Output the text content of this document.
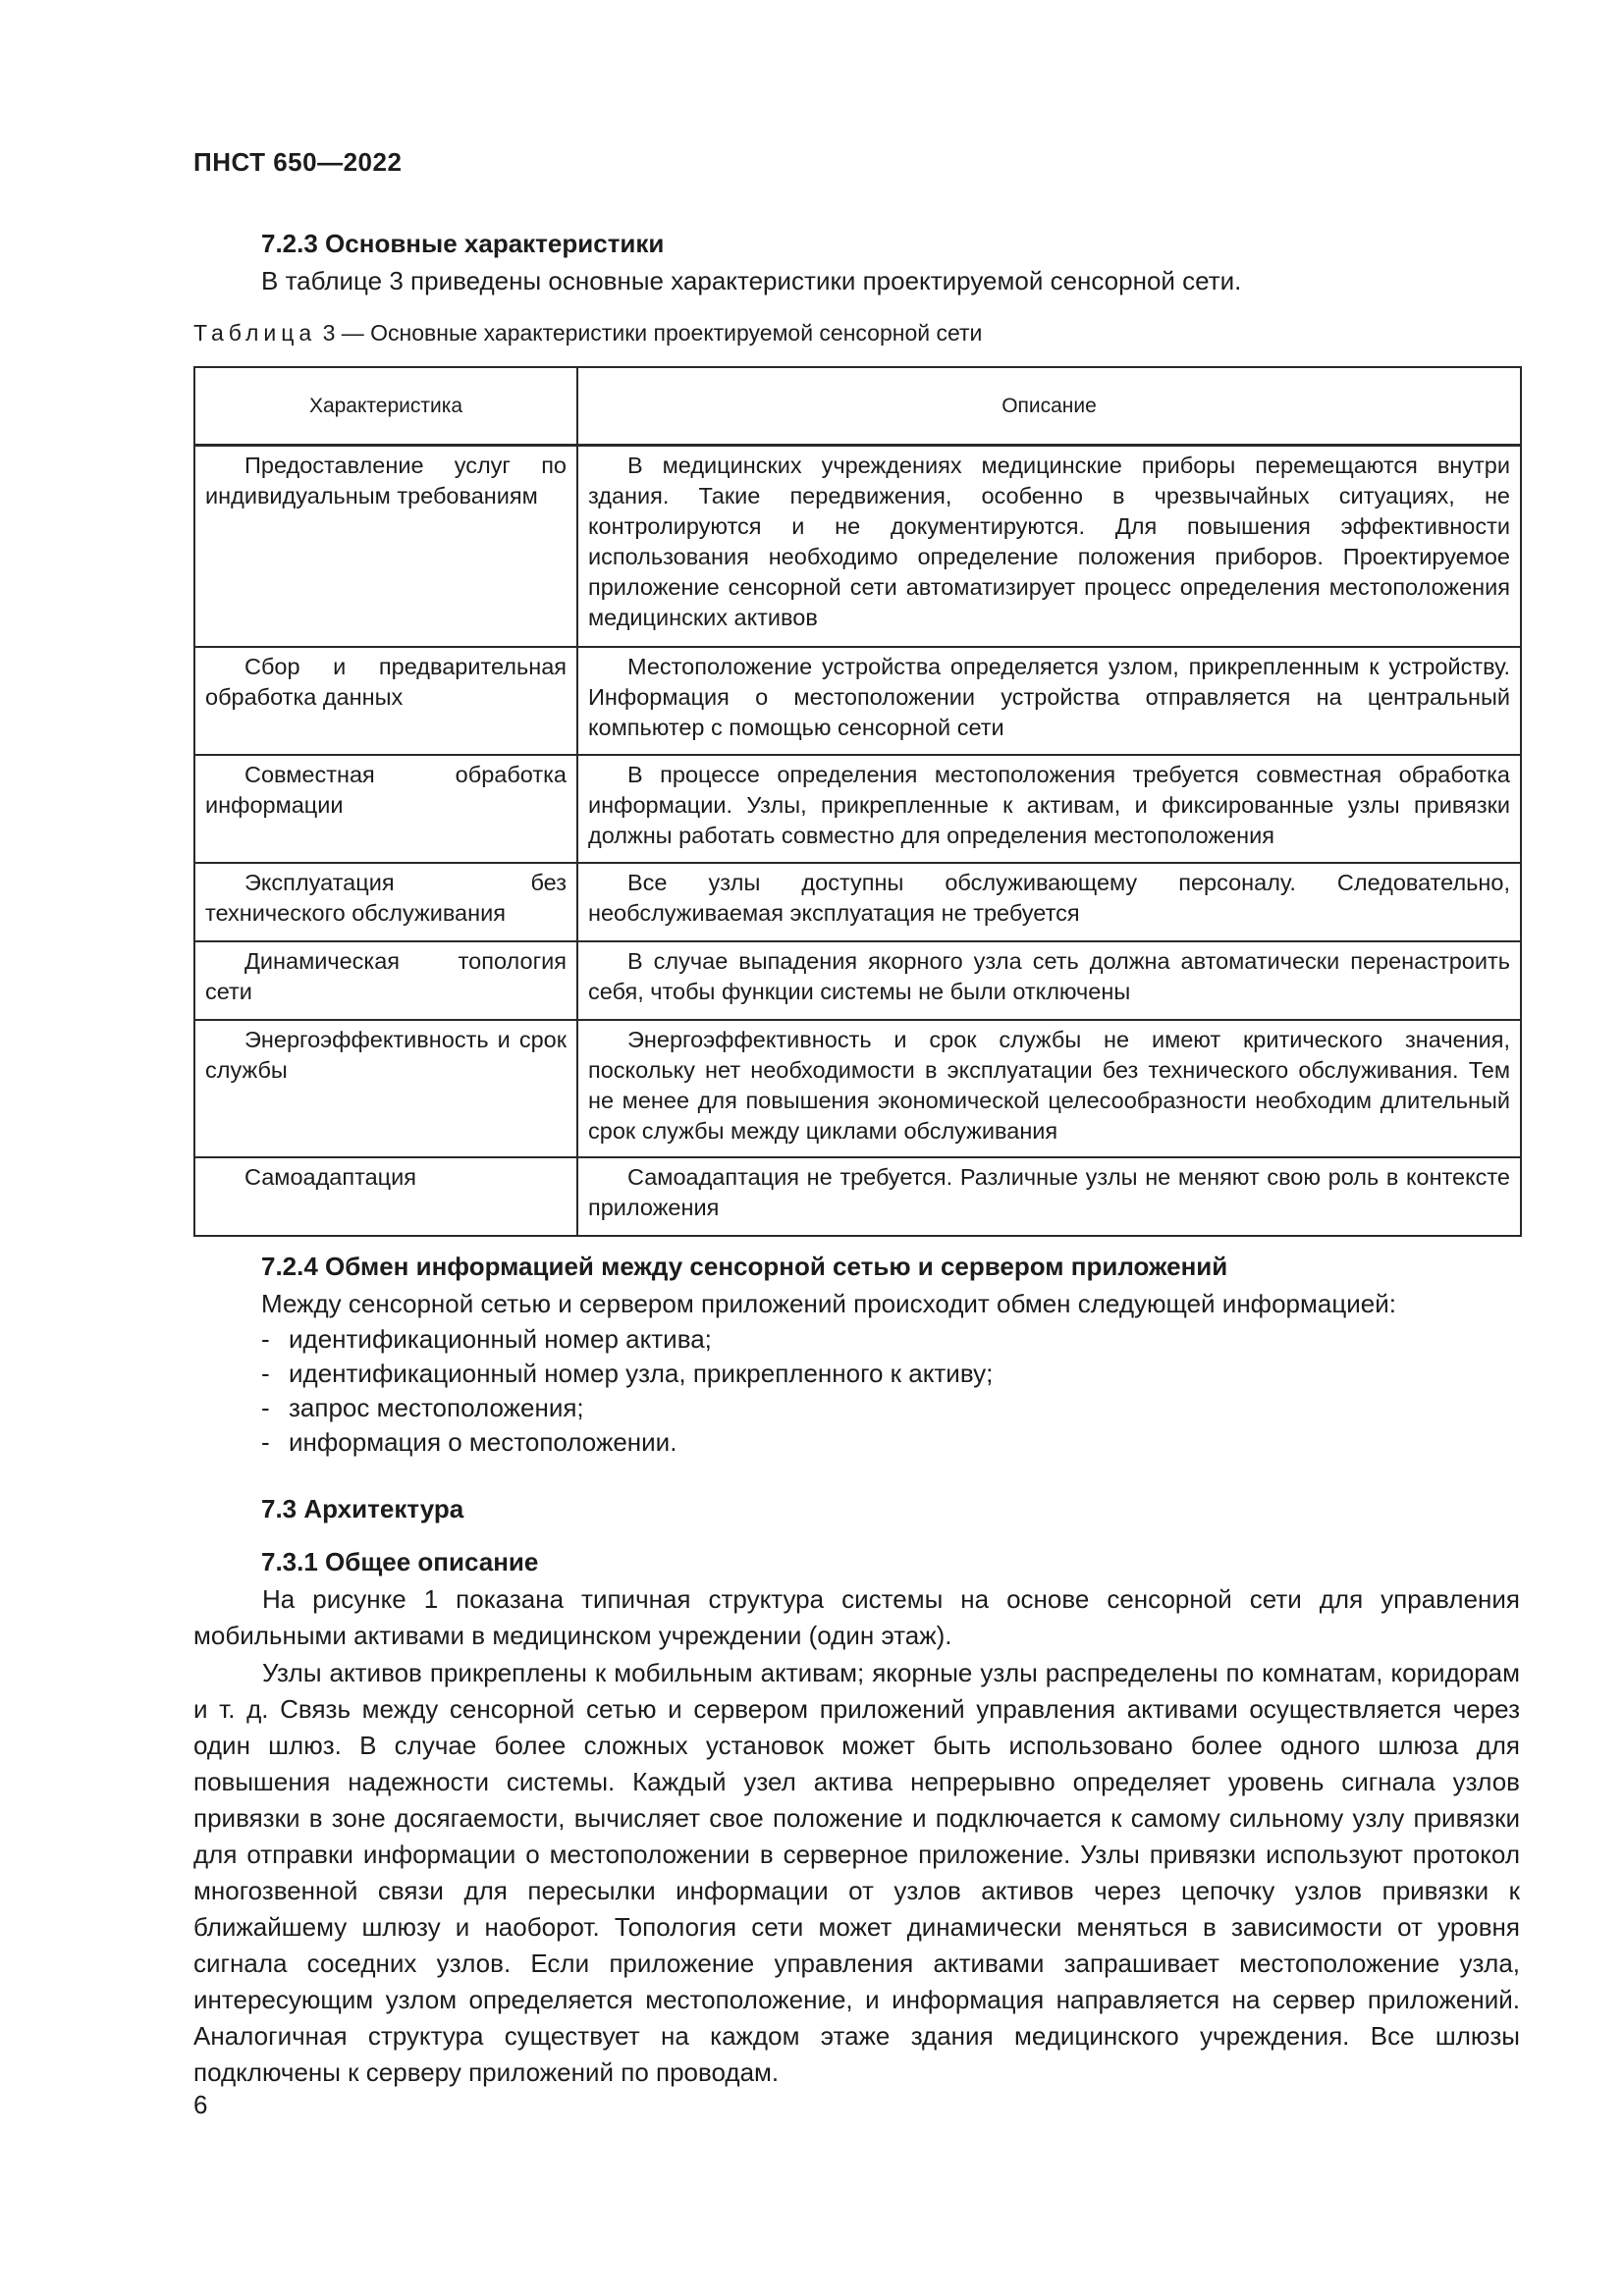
ПНСТ 650—2022
7.2.3 Основные характеристики
В таблице 3 приведены основные характеристики проектируемой сенсорной сети.
Таблица 3 — Основные характеристики проектируемой сенсорной сети
Характеристика	Описание

Предоставление услуг по индивидуальным требованиям	В медицинских учреждениях медицинские приборы перемещаются внутри здания. Такие передвижения, особенно в чрезвычайных ситуациях, не контролируются и не документируются. Для повышения эффективности использования необходимо определение положения приборов. Проектируемое приложение сенсорной сети автоматизирует процесс определения местоположения медицинских активов

Сбор и предварительная обработка данных	Местоположение устройства определяется узлом, прикрепленным к устройству. Информация о местоположении устройства отправляется на центральный компьютер с помощью сенсорной сети

Совместная обработка информации	В процессе определения местоположения требуется совместная обработка информации. Узлы, прикрепленные к активам, и фиксированные узлы привязки должны работать совместно для определения местоположения

Эксплуатация без технического обслуживания	Все узлы доступны обслуживающему персоналу. Следовательно, необслуживаемая эксплуатация не требуется

Динамическая топология сети	В случае выпадения якорного узла сеть должна автоматически перенастроить себя, чтобы функции системы не были отключены

Энергоэффективность и срок службы	Энергоэффективность и срок службы не имеют критического значения, поскольку нет необходимости в эксплуатации без технического обслуживания. Тем не менее для повышения экономической целесообразности необходим длительный срок службы между циклами обслуживания

Самоадаптация	Самоадаптация не требуется. Различные узлы не меняют свою роль в контексте приложения
7.2.4 Обмен информацией между сенсорной сетью и сервером приложений
Между сенсорной сетью и сервером приложений происходит обмен следующей информацией:
- идентификационный номер актива;
- идентификационный номер узла, прикрепленного к активу;
- запрос местоположения;
- информация о местоположении.
7.3 Архитектура
7.3.1 Общее описание
На рисунке 1 показана типичная структура системы на основе сенсорной сети для управления мобильными активами в медицинском учреждении (один этаж).
Узлы активов прикреплены к мобильным активам; якорные узлы распределены по комнатам, коридорам и т. д. Связь между сенсорной сетью и сервером приложений управления активами осуществляется через один шлюз. В случае более сложных установок может быть использовано более одного шлюза для повышения надежности системы. Каждый узел актива непрерывно определяет уровень сигнала узлов привязки в зоне досягаемости, вычисляет свое положение и подключается к самому сильному узлу привязки для отправки информации о местоположении в серверное приложение. Узлы привязки используют протокол многозвенной связи для пересылки информации от узлов активов через цепочку узлов привязки к ближайшему шлюзу и наоборот. Топология сети может динамически меняться в зависимости от уровня сигнала соседних узлов. Если приложение управления активами запрашивает местоположение узла, интересующим узлом определяется местоположение, и информация направляется на сервер приложений. Аналогичная структура существует на каждом этаже здания медицинского учреждения. Все шлюзы подключены к серверу приложений по проводам.
6
